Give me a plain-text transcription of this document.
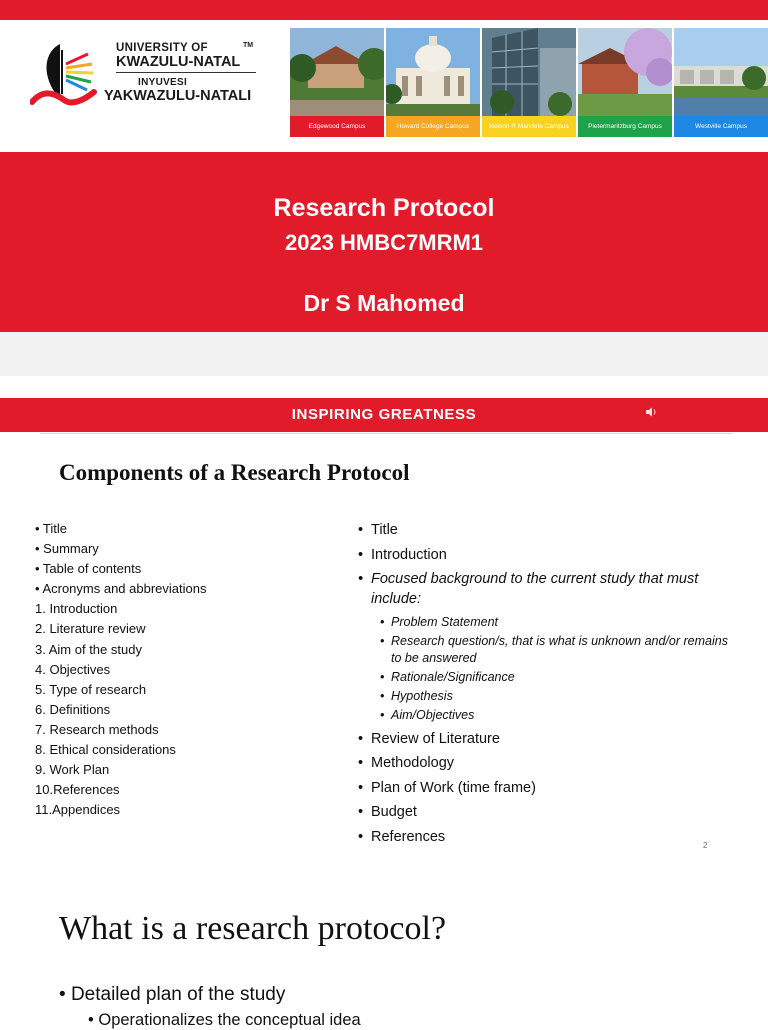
UNIVERSITY OF	TM
KWAZULU-NATAL
INYUVESI
YAKWAZULU-NATALI
Edgewood Campus	Howard College Campus	Nelson R Mandela Campus	Pietermaritzburg Campus	Westville Campus
Research Protocol
2023 HMBC7MRM1
Dr S Mahomed
INSPIRING GREATNESS
Components of a Research Protocol
• Title
• Summary
• Table of contents
• Acronyms and abbreviations
1. Introduction
2. Literature review
3. Aim of the study
4. Objectives
5. Type of research
6. Definitions
7. Research methods
8. Ethical considerations
9. Work Plan
10.References
11.Appendices
• Title
• Introduction
• Focused background to the current study that must include:
• Problem Statement
• Research question/s, that is what is unknown and/or remains to be answered
• Rationale/Significance
• Hypothesis
• Aim/Objectives
• Review of Literature
• Methodology
• Plan of Work (time frame)
• Budget
• References
2
What is a research protocol?
• Detailed plan of the study
• Operationalizes the conceptual idea
